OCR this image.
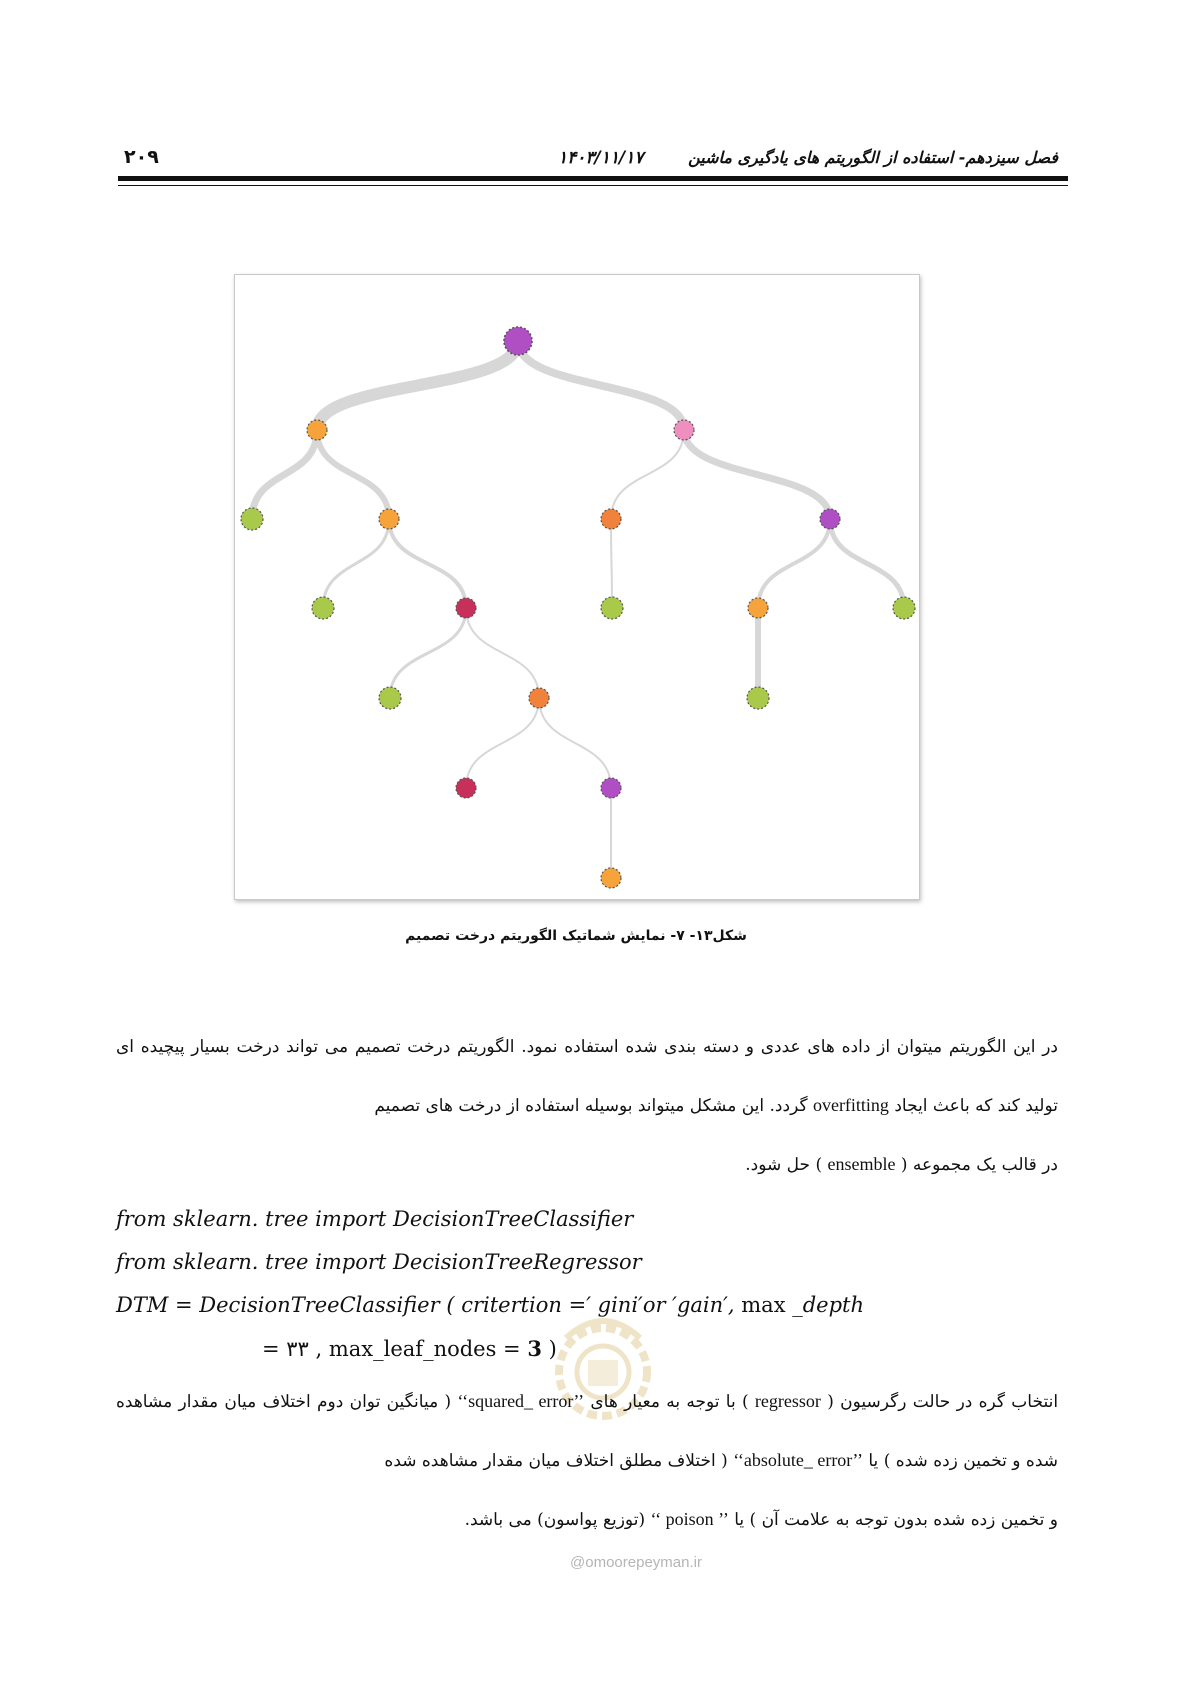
۲۰۹	۱۴۰۳/۱۱/۱۷	فصل سیزدهم- استفاده از الگوریتم های یادگیری ماشین
شکل۱۳- ۷- نمایش شماتیک الگوریتم درخت تصمیم
در این الگوریتم میتوان از داده های عددی و دسته بندی شده استفاده نمود. الگوریتم درخت تصمیم می تواند درخت بسیار پیچیده ای تولید کند که باعث ایجاد overfitting گردد. این مشکل میتواند بوسیله استفاده از درخت های تصمیم
در قالب یک مجموعه ( ensemble ) حل شود.
from sklearn. tree import DecisionTreeClassifier
from sklearn. tree import DecisionTreeRegressor
DTM = DecisionTreeClassifier ( critertion =′ gini′or ′gain′, max _depth
= ۳۳ , max_leaf_nodes = 3 )
انتخاب گره در حالت رگرسیون ( regressor ) با توجه به معیار های ’’squared_ error‘‘ ( میانگین توان دوم اختلاف میان مقدار مشاهده شده و تخمین زده شده ) یا ’’absolute_ error‘‘ ( اختلاف مطلق اختلاف میان مقدار مشاهده شده
و تخمین زده شده بدون توجه به علامت آن ) یا ’’ poison ‘‘ (توزیع پواسون) می باشد.
@omoorepeyman.ir
